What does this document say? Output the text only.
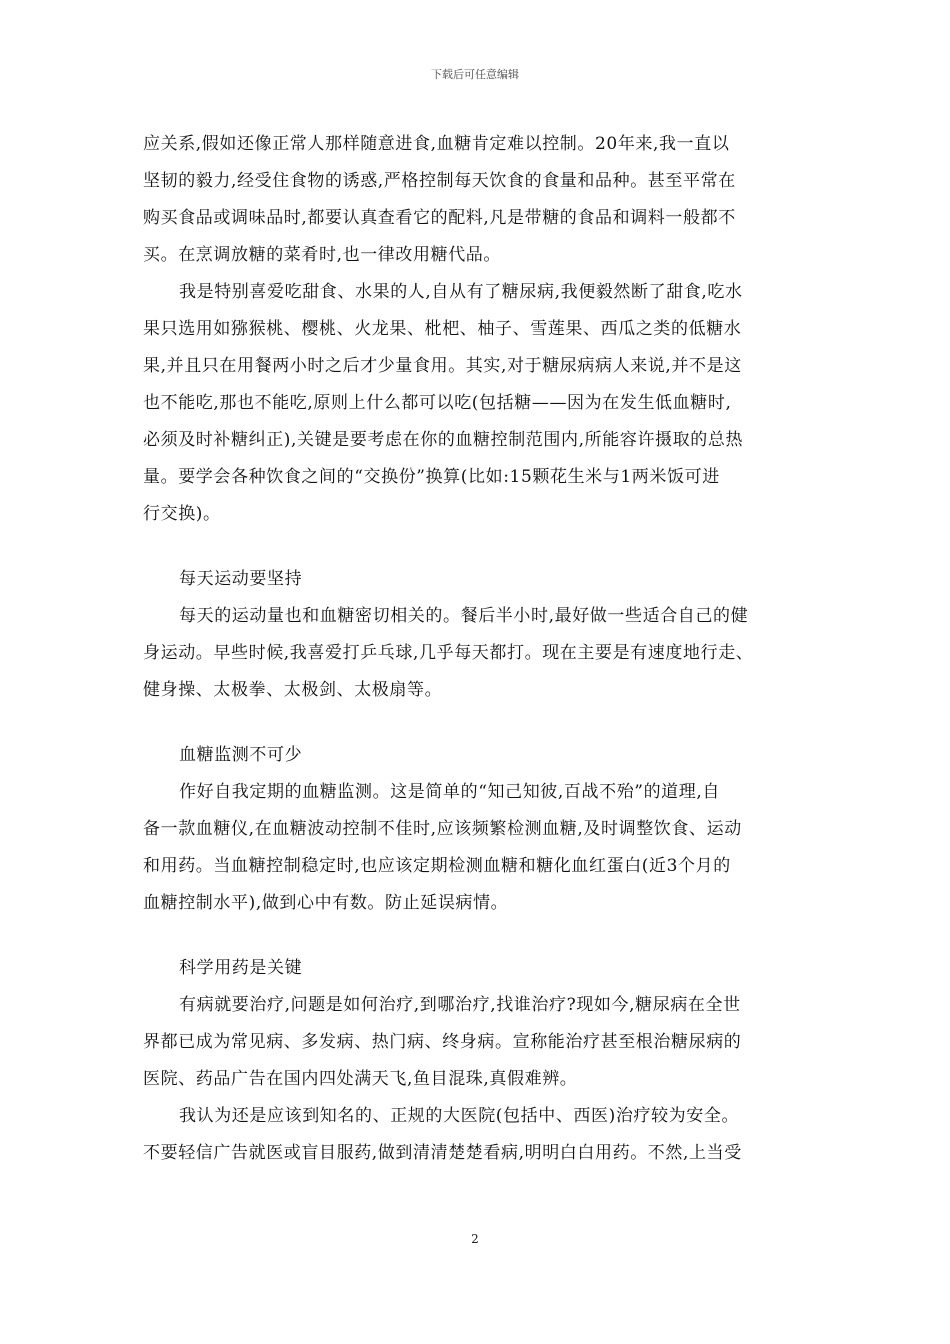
下载后可任意编辑
应关系,假如还像正常人那样随意进食,血糖肯定难以控制。20年来,我一直以
坚韧的毅力,经受住食物的诱惑,严格控制每天饮食的食量和品种。甚至平常在
购买食品或调味品时,都要认真查看它的配料,凡是带糖的食品和调料一般都不
买。在烹调放糖的菜肴时,也一律改用糖代品。
我是特别喜爱吃甜食、水果的人,自从有了糖尿病,我便毅然断了甜食,吃水
果只选用如猕猴桃、樱桃、火龙果、枇杷、柚子、雪莲果、西瓜之类的低糖水
果,并且只在用餐两小时之后才少量食用。其实,对于糖尿病病人来说,并不是这
也不能吃,那也不能吃,原则上什么都可以吃(包括糖——因为在发生低血糖时,
必须及时补糖纠正),关键是要考虑在你的血糖控制范围内,所能容许摄取的总热
量。要学会各种饮食之间的“交换份”换算(比如:15颗花生米与1两米饭可进
行交换)。
每天运动要坚持
每天的运动量也和血糖密切相关的。餐后半小时,最好做一些适合自己的健
身运动。早些时候,我喜爱打乒乓球,几乎每天都打。现在主要是有速度地行走、
健身操、太极拳、太极剑、太极扇等。
血糖监测不可少
作好自我定期的血糖监测。这是简单的“知己知彼,百战不殆”的道理,自
备一款血糖仪,在血糖波动控制不佳时,应该频繁检测血糖,及时调整饮食、运动
和用药。当血糖控制稳定时,也应该定期检测血糖和糖化血红蛋白(近3个月的
血糖控制水平),做到心中有数。防止延误病情。
科学用药是关键
有病就要治疗,问题是如何治疗,到哪治疗,找谁治疗?现如今,糖尿病在全世
界都已成为常见病、多发病、热门病、终身病。宣称能治疗甚至根治糖尿病的
医院、药品广告在国内四处满天飞,鱼目混珠,真假难辨。
我认为还是应该到知名的、正规的大医院(包括中、西医)治疗较为安全。
不要轻信广告就医或盲目服药,做到清清楚楚看病,明明白白用药。不然,上当受
2
